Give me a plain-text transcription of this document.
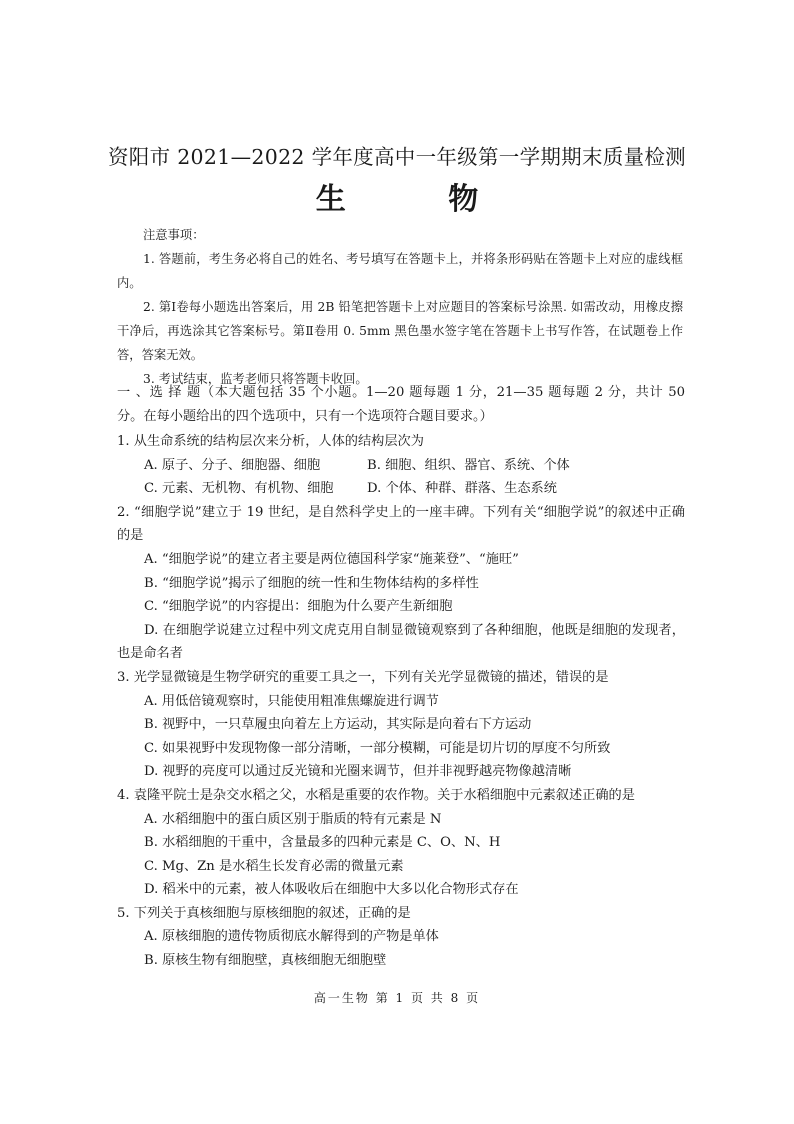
资阳市 2021—2022 学年度高中一年级第一学期期末质量检测
生 物

注意事项：

1. 答题前，考生务必将自己的姓名、考号填写在答题卡上，并将条形码贴在答题卡上对应的虚线框内。

2. 第Ⅰ卷每小题选出答案后，用 2B 铅笔把答题卡上对应题目的答案标号涂黑. 如需改动，用橡皮擦干净后，再选涂其它答案标号。第Ⅱ卷用 0. 5mm 黑色墨水签字笔在答题卡上书写作答，在试题卷上作答，答案无效。

3. 考试结束，监考老师只将答题卡收回。

一 、选 择 题（本大题包括 35 个小题。1—20 题每题 1 分，21—35 题每题 2 分，共计 50 分。在每小题给出的四个选项中，只有一个选项符合题目要求。）

1. 从生命系统的结构层次来分析，人体的结构层次为

A. 原子、分子、细胞器、细胞	B. 细胞、组织、器官、系统、个体
C. 元素、无机物、有机物、细胞	D. 个体、种群、群落、生态系统

2. “细胞学说”建立于 19 世纪，是自然科学史上的一座丰碑。下列有关“细胞学说”的叙述中正确的是

A. “细胞学说”的建立者主要是两位德国科学家“施莱登”、“施旺”

B. “细胞学说”揭示了细胞的统一性和生物体结构的多样性

C. “细胞学说”的内容提出：细胞为什么要产生新细胞

D. 在细胞学说建立过程中列文虎克用自制显微镜观察到了各种细胞，他既是细胞的发现者，也是命名者

3. 光学显微镜是生物学研究的重要工具之一，下列有关光学显微镜的描述，错误的是

A. 用低倍镜观察时，只能使用粗准焦螺旋进行调节

B. 视野中，一只草履虫向着左上方运动，其实际是向着右下方运动

C. 如果视野中发现物像一部分清晰，一部分模糊，可能是切片切的厚度不匀所致

D. 视野的亮度可以通过反光镜和光圈来调节，但并非视野越亮物像越清晰

4. 袁隆平院士是杂交水稻之父，水稻是重要的农作物。关于水稻细胞中元素叙述正确的是

A. 水稻细胞中的蛋白质区别于脂质的特有元素是 N

B. 水稻细胞的干重中，含量最多的四种元素是 C、O、N、H

C. Mg、Zn 是水稻生长发育必需的微量元素

D. 稻米中的元素，被人体吸收后在细胞中大多以化合物形式存在

5. 下列关于真核细胞与原核细胞的叙述，正确的是

A. 原核细胞的遗传物质彻底水解得到的产物是单体

B. 原核生物有细胞壁，真核细胞无细胞壁

高一生物 第 1 页 共 8 页
